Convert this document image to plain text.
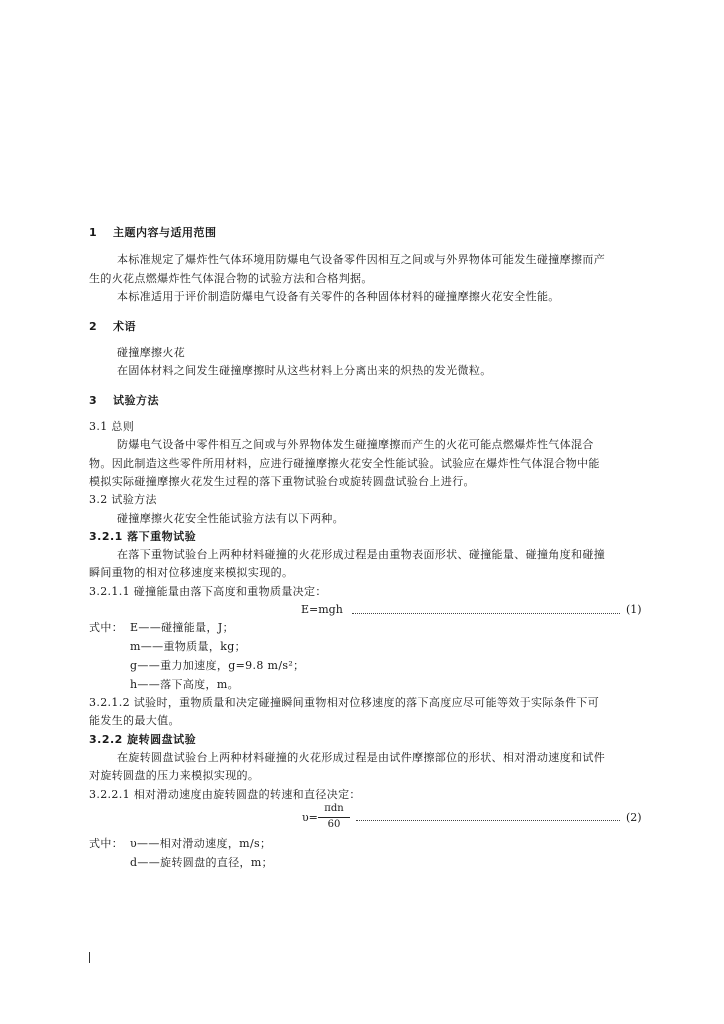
1 主题内容与适用范围
本标准规定了爆炸性气体环境用防爆电气设备零件因相互之间或与外界物体可能发生碰撞摩擦而产
生的火花点燃爆炸性气体混合物的试验方法和合格判据。
本标准适用于评价制造防爆电气设备有关零件的各种固体材料的碰撞摩擦火花安全性能。
2 术语
碰撞摩擦火花
在固体材料之间发生碰撞摩擦时从这些材料上分离出来的炽热的发光微粒。
3 试验方法
3.1 总则
防爆电气设备中零件相互之间或与外界物体发生碰撞摩擦而产生的火花可能点燃爆炸性气体混合
物。因此制造这些零件所用材料，应进行碰撞摩擦火花安全性能试验。试验应在爆炸性气体混合物中能
模拟实际碰撞摩擦火花发生过程的落下重物试验台或旋转圆盘试验台上进行。
3.2 试验方法
碰撞摩擦火花安全性能试验方法有以下两种。
3.2.1 落下重物试验
在落下重物试验台上两种材料碰撞的火花形成过程是由重物表面形状、碰撞能量、碰撞角度和碰撞
瞬间重物的相对位移速度来模拟实现的。
3.2.1.1 碰撞能量由落下高度和重物质量决定：
E=mgh	(1)
式中： E——碰撞能量，J；
m——重物质量，kg；
g——重力加速度，g=9.8 m/s²；
h——落下高度，m。
3.2.1.2 试验时，重物质量和决定碰撞瞬间重物相对位移速度的落下高度应尽可能等效于实际条件下可
能发生的最大值。
3.2.2 旋转圆盘试验
在旋转圆盘试验台上两种材料碰撞的火花形成过程是由试件摩擦部位的形状、相对滑动速度和试件
对旋转圆盘的压力来模拟实现的。
3.2.2.1 相对滑动速度由旋转圆盘的转速和直径决定：
υ=
πdn
60
(2)
式中： υ——相对滑动速度，m/s；
d——旋转圆盘的直径，m；
